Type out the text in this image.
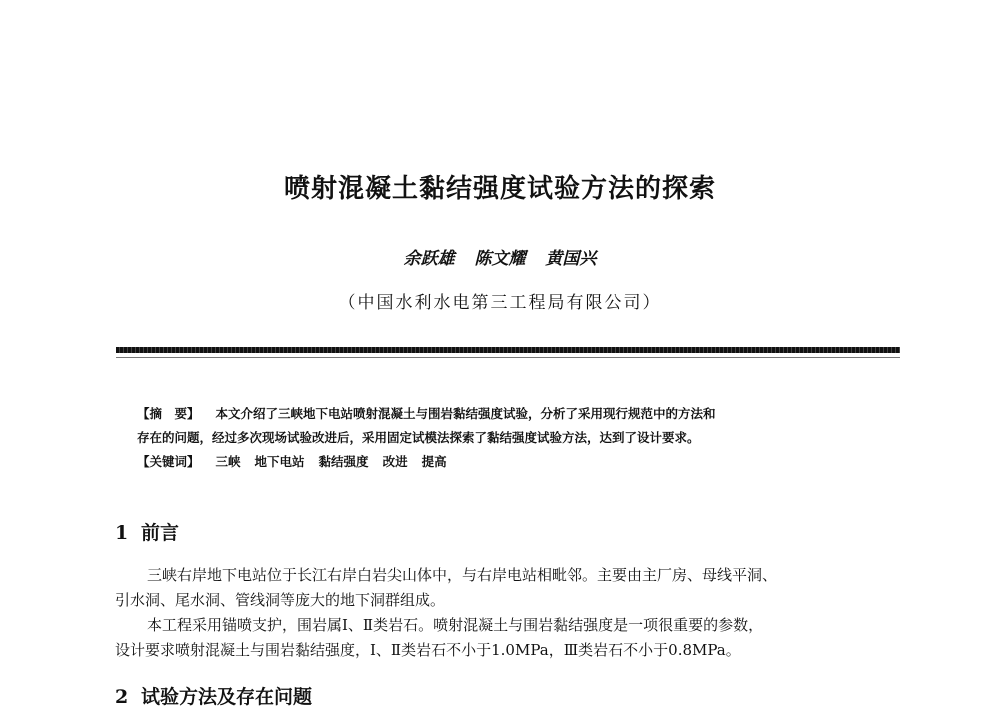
喷射混凝土黏结强度试验方法的探索
余跃雄 陈文耀 黄国兴
（中国水利水电第三工程局有限公司）
【摘　要】 本文介绍了三峡地下电站喷射混凝土与围岩黏结强度试验，分析了采用现行规范中的方法和
存在的问题，经过多次现场试验改进后，采用固定试模法探索了黏结强度试验方法，达到了设计要求。
【关键词】 三峡 地下电站 黏结强度 改进 提高
1 前言
三峡右岸地下电站位于长江右岸白岩尖山体中，与右岸电站相毗邻。主要由主厂房、母线平洞、
引水洞、尾水洞、管线洞等庞大的地下洞群组成。
本工程采用锚喷支护，围岩属Ⅰ、Ⅱ类岩石。喷射混凝土与围岩黏结强度是一项很重要的参数，
设计要求喷射混凝土与围岩黏结强度，Ⅰ、Ⅱ类岩石不小于1.0MPa，Ⅲ类岩石不小于0.8MPa。
2 试验方法及存在问题
